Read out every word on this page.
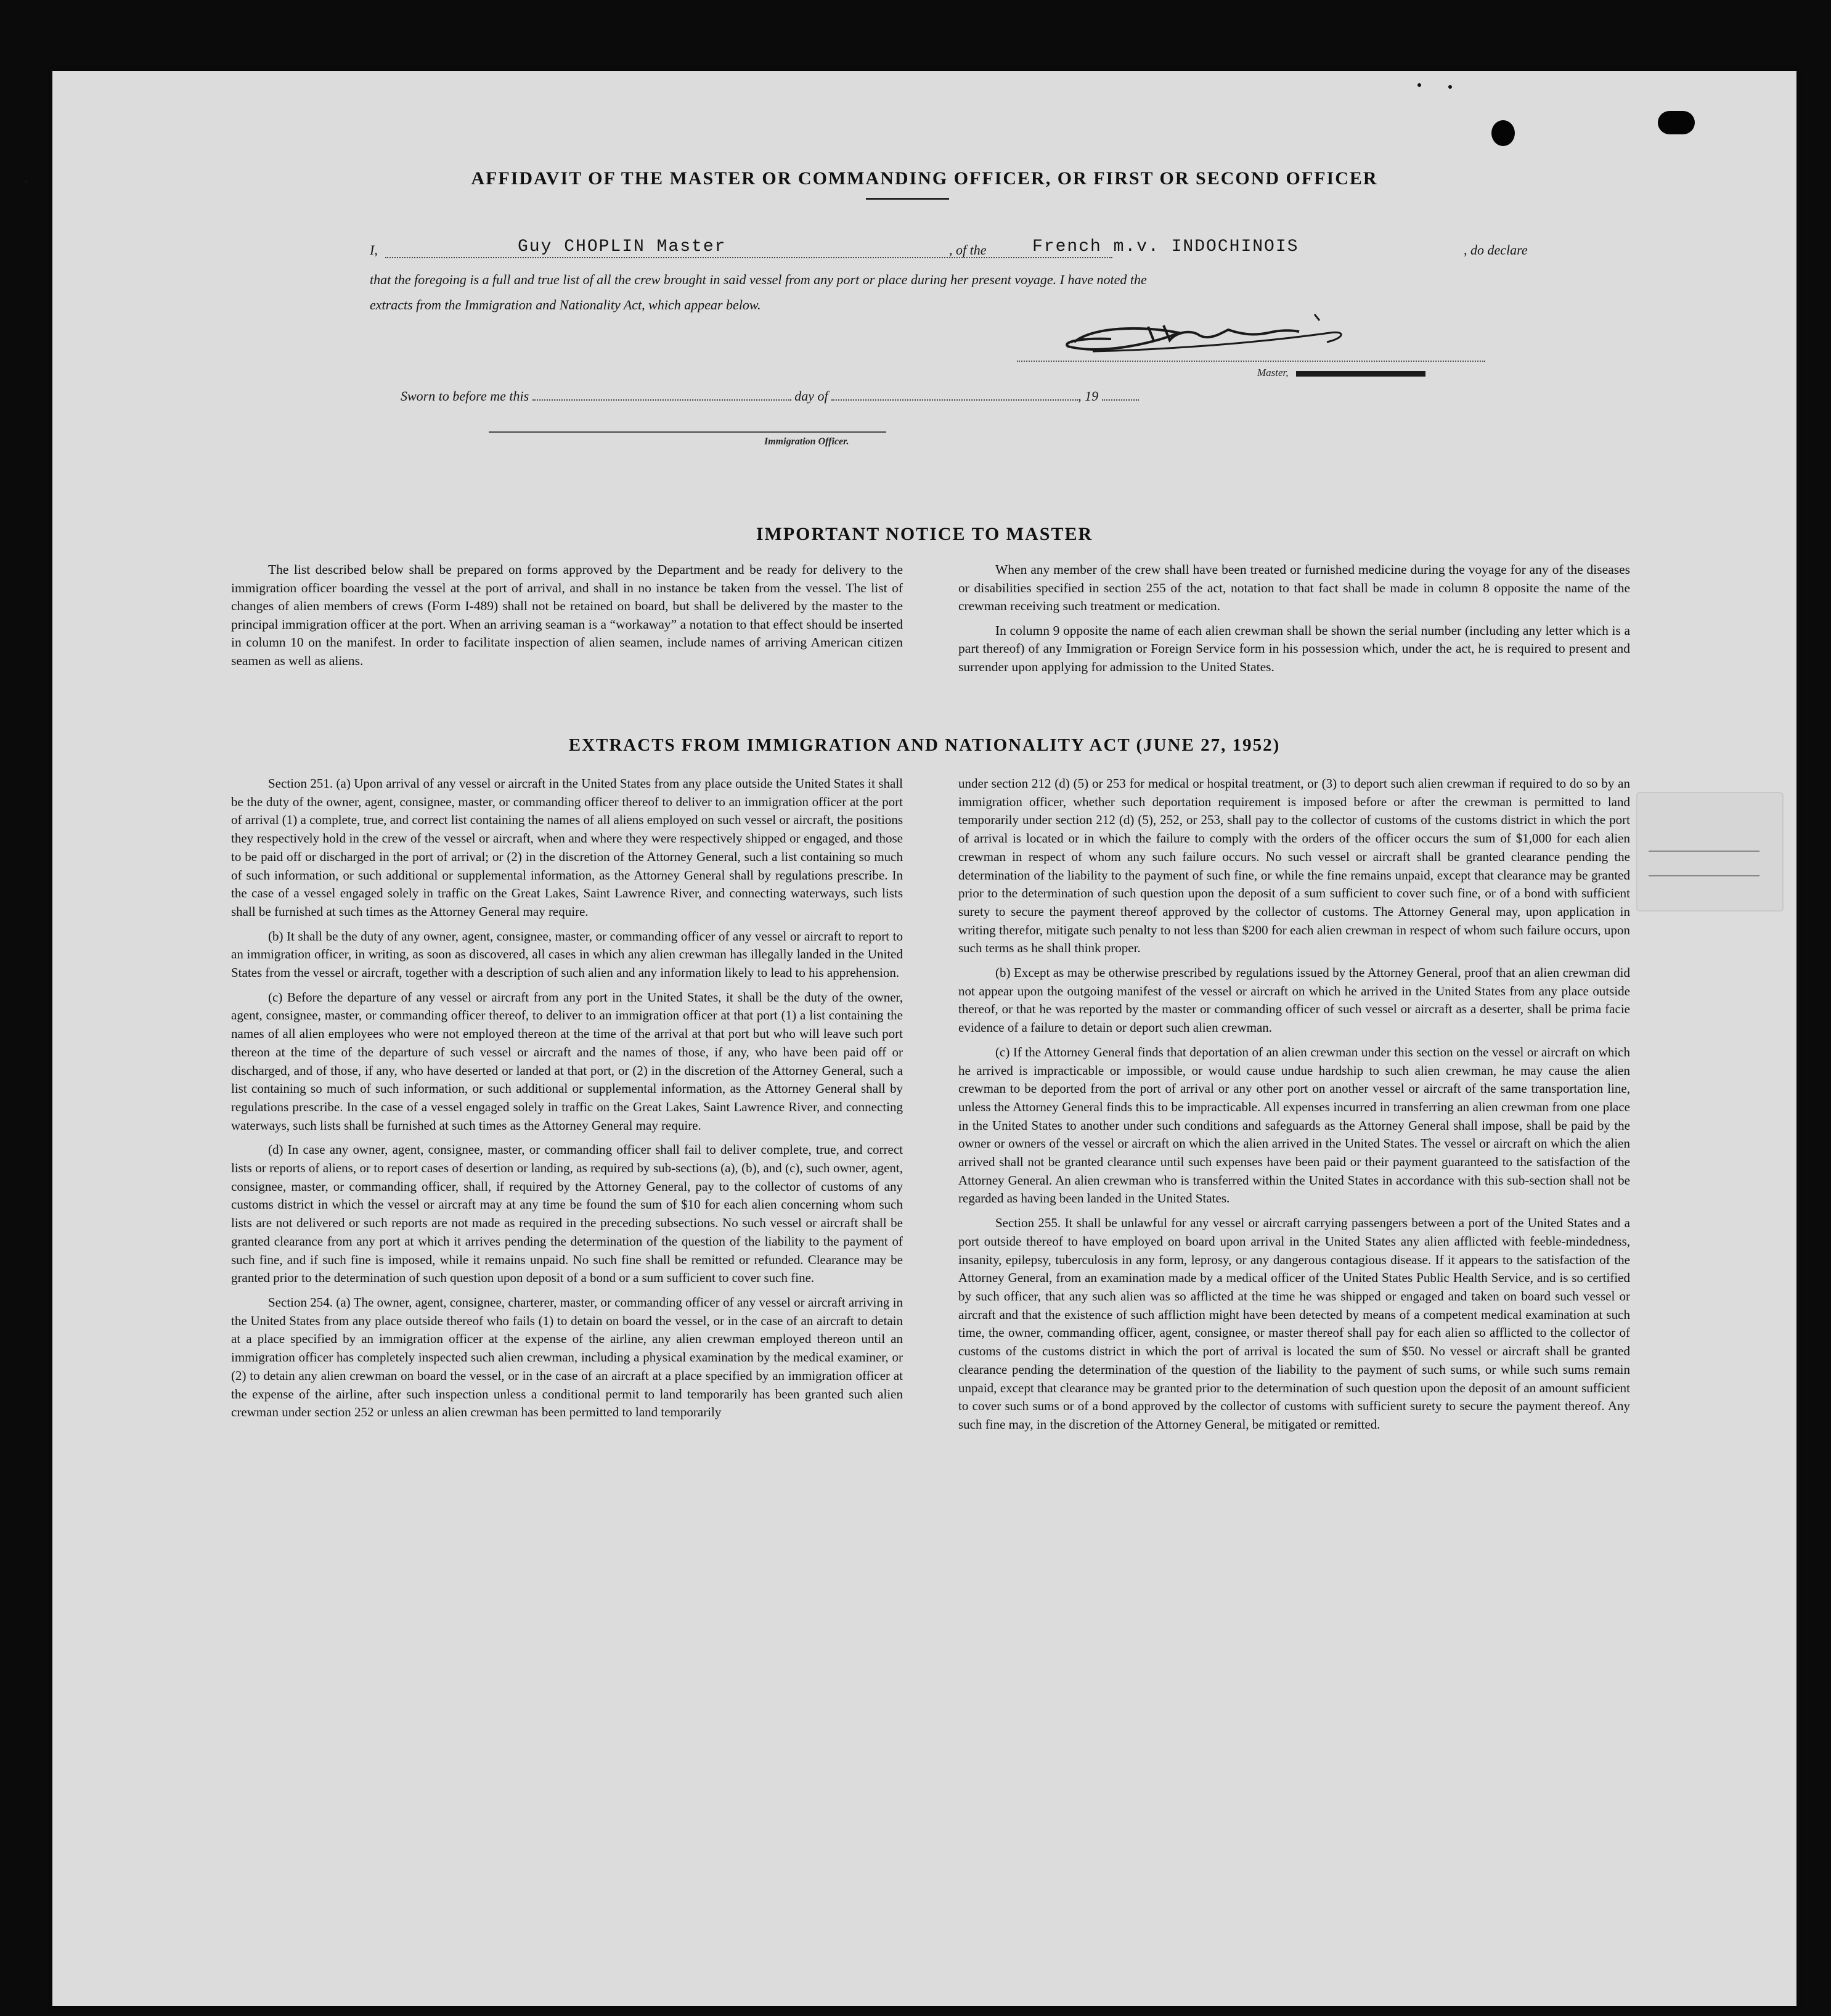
AFFIDAVIT OF THE MASTER OR COMMANDING OFFICER, OR FIRST OR SECOND OFFICER
I,	Guy CHOPLIN Master	, of the	French m.v. INDOCHINOIS	, do declare
that the foregoing is a full and true list of all the crew brought in said vessel from any port or place during her present voyage. I have noted the
extracts from the Immigration and Nationality Act, which appear below.
Master,
Sworn to before me this	day of	, 19
Immigration Officer.
IMPORTANT NOTICE TO MASTER

The list described below shall be prepared on forms approved by the Department and be ready for delivery to the immigration officer boarding the vessel at the port of arrival, and shall in no instance be taken from the vessel. The list of changes of alien members of crews (Form I-489) shall not be retained on board, but shall be delivered by the master to the principal immigration officer at the port. When an arriving seaman is a “workaway” a notation to that effect should be inserted in column 10 on the manifest. In order to facilitate inspection of alien seamen, include names of arriving American citizen seamen as well as aliens.

When any member of the crew shall have been treated or furnished medicine during the voyage for any of the diseases or disabilities specified in section 255 of the act, notation to that fact shall be made in column 8 opposite the name of the crewman receiving such treatment or medication.

In column 9 opposite the name of each alien crewman shall be shown the serial number (including any letter which is a part thereof) of any Immigration or Foreign Service form in his possession which, under the act, he is required to present and surrender upon applying for admission to the United States.

EXTRACTS FROM IMMIGRATION AND NATIONALITY ACT (JUNE 27, 1952)

Section 251. (a) Upon arrival of any vessel or aircraft in the United States from any place outside the United States it shall be the duty of the owner, agent, consignee, master, or commanding officer thereof to deliver to an immigration officer at the port of arrival (1) a complete, true, and correct list containing the names of all aliens employed on such vessel or aircraft, the positions they respectively hold in the crew of the vessel or aircraft, when and where they were respectively shipped or engaged, and those to be paid off or discharged in the port of arrival; or (2) in the discretion of the Attorney General, such a list containing so much of such information, or such additional or supplemental information, as the Attorney General shall by regulations prescribe. In the case of a vessel engaged solely in traffic on the Great Lakes, Saint Lawrence River, and connecting waterways, such lists shall be furnished at such times as the Attorney General may require.

(b) It shall be the duty of any owner, agent, consignee, master, or commanding officer of any vessel or aircraft to report to an immigration officer, in writing, as soon as discovered, all cases in which any alien crewman has illegally landed in the United States from the vessel or aircraft, together with a description of such alien and any information likely to lead to his apprehension.

(c) Before the departure of any vessel or aircraft from any port in the United States, it shall be the duty of the owner, agent, consignee, master, or commanding officer thereof, to deliver to an immigration officer at that port (1) a list containing the names of all alien employees who were not employed thereon at the time of the arrival at that port but who will leave such port thereon at the time of the departure of such vessel or aircraft and the names of those, if any, who have been paid off or discharged, and of those, if any, who have deserted or landed at that port, or (2) in the discretion of the Attorney General, such a list containing so much of such information, or such additional or supplemental information, as the Attorney General shall by regulations prescribe. In the case of a vessel engaged solely in traffic on the Great Lakes, Saint Lawrence River, and connecting waterways, such lists shall be furnished at such times as the Attorney General may require.

(d) In case any owner, agent, consignee, master, or commanding officer shall fail to deliver complete, true, and correct lists or reports of aliens, or to report cases of desertion or landing, as required by sub-sections (a), (b), and (c), such owner, agent, consignee, master, or commanding officer, shall, if required by the Attorney General, pay to the collector of customs of any customs district in which the vessel or aircraft may at any time be found the sum of $10 for each alien concerning whom such lists are not delivered or such reports are not made as required in the preceding subsections. No such vessel or aircraft shall be granted clearance from any port at which it arrives pending the determination of the question of the liability to the payment of such fine, and if such fine is imposed, while it remains unpaid. No such fine shall be remitted or refunded. Clearance may be granted prior to the determination of such question upon deposit of a bond or a sum sufficient to cover such fine.

Section 254. (a) The owner, agent, consignee, charterer, master, or commanding officer of any vessel or aircraft arriving in the United States from any place outside thereof who fails (1) to detain on board the vessel, or in the case of an aircraft to detain at a place specified by an immigration officer at the expense of the airline, any alien crewman employed thereon until an immigration officer has completely inspected such alien crewman, including a physical examination by the medical examiner, or (2) to detain any alien crewman on board the vessel, or in the case of an aircraft at a place specified by an immigration officer at the expense of the airline, after such inspection unless a conditional permit to land temporarily has been granted such alien crewman under section 252 or unless an alien crewman has been permitted to land temporarily

under section 212 (d) (5) or 253 for medical or hospital treatment, or (3) to deport such alien crewman if required to do so by an immigration officer, whether such deportation requirement is imposed before or after the crewman is permitted to land temporarily under section 212 (d) (5), 252, or 253, shall pay to the collector of customs of the customs district in which the port of arrival is located or in which the failure to comply with the orders of the officer occurs the sum of $1,000 for each alien crewman in respect of whom any such failure occurs. No such vessel or aircraft shall be granted clearance pending the determination of the liability to the payment of such fine, or while the fine remains unpaid, except that clearance may be granted prior to the determination of such question upon the deposit of a sum sufficient to cover such fine, or of a bond with sufficient surety to secure the payment thereof approved by the collector of customs. The Attorney General may, upon application in writing therefor, mitigate such penalty to not less than $200 for each alien crewman in respect of whom such failure occurs, upon such terms as he shall think proper.

(b) Except as may be otherwise prescribed by regulations issued by the Attorney General, proof that an alien crewman did not appear upon the outgoing manifest of the vessel or aircraft on which he arrived in the United States from any place outside thereof, or that he was reported by the master or commanding officer of such vessel or aircraft as a deserter, shall be prima facie evidence of a failure to detain or deport such alien crewman.

(c) If the Attorney General finds that deportation of an alien crewman under this section on the vessel or aircraft on which he arrived is impracticable or impossible, or would cause undue hardship to such alien crewman, he may cause the alien crewman to be deported from the port of arrival or any other port on another vessel or aircraft of the same transportation line, unless the Attorney General finds this to be impracticable. All expenses incurred in transferring an alien crewman from one place in the United States to another under such conditions and safeguards as the Attorney General shall impose, shall be paid by the owner or owners of the vessel or aircraft on which the alien arrived in the United States. The vessel or aircraft on which the alien arrived shall not be granted clearance until such expenses have been paid or their payment guaranteed to the satisfaction of the Attorney General. An alien crewman who is transferred within the United States in accordance with this sub-section shall not be regarded as having been landed in the United States.

Section 255. It shall be unlawful for any vessel or aircraft carrying passengers between a port of the United States and a port outside thereof to have employed on board upon arrival in the United States any alien afflicted with feeble-mindedness, insanity, epilepsy, tuberculosis in any form, leprosy, or any dangerous contagious disease. If it appears to the satisfaction of the Attorney General, from an examination made by a medical officer of the United States Public Health Service, and is so certified by such officer, that any such alien was so afflicted at the time he was shipped or engaged and taken on board such vessel or aircraft and that the existence of such affliction might have been detected by means of a competent medical examination at such time, the owner, commanding officer, agent, consignee, or master thereof shall pay for each alien so afflicted to the collector of customs of the customs district in which the port of arrival is located the sum of $50. No vessel or aircraft shall be granted clearance pending the determination of the question of the liability to the payment of such sums, or while such sums remain unpaid, except that clearance may be granted prior to the determination of such question upon the deposit of an amount sufficient to cover such sums or of a bond approved by the collector of customs with sufficient surety to secure the payment thereof. Any such fine may, in the discretion of the Attorney General, be mitigated or remitted.
